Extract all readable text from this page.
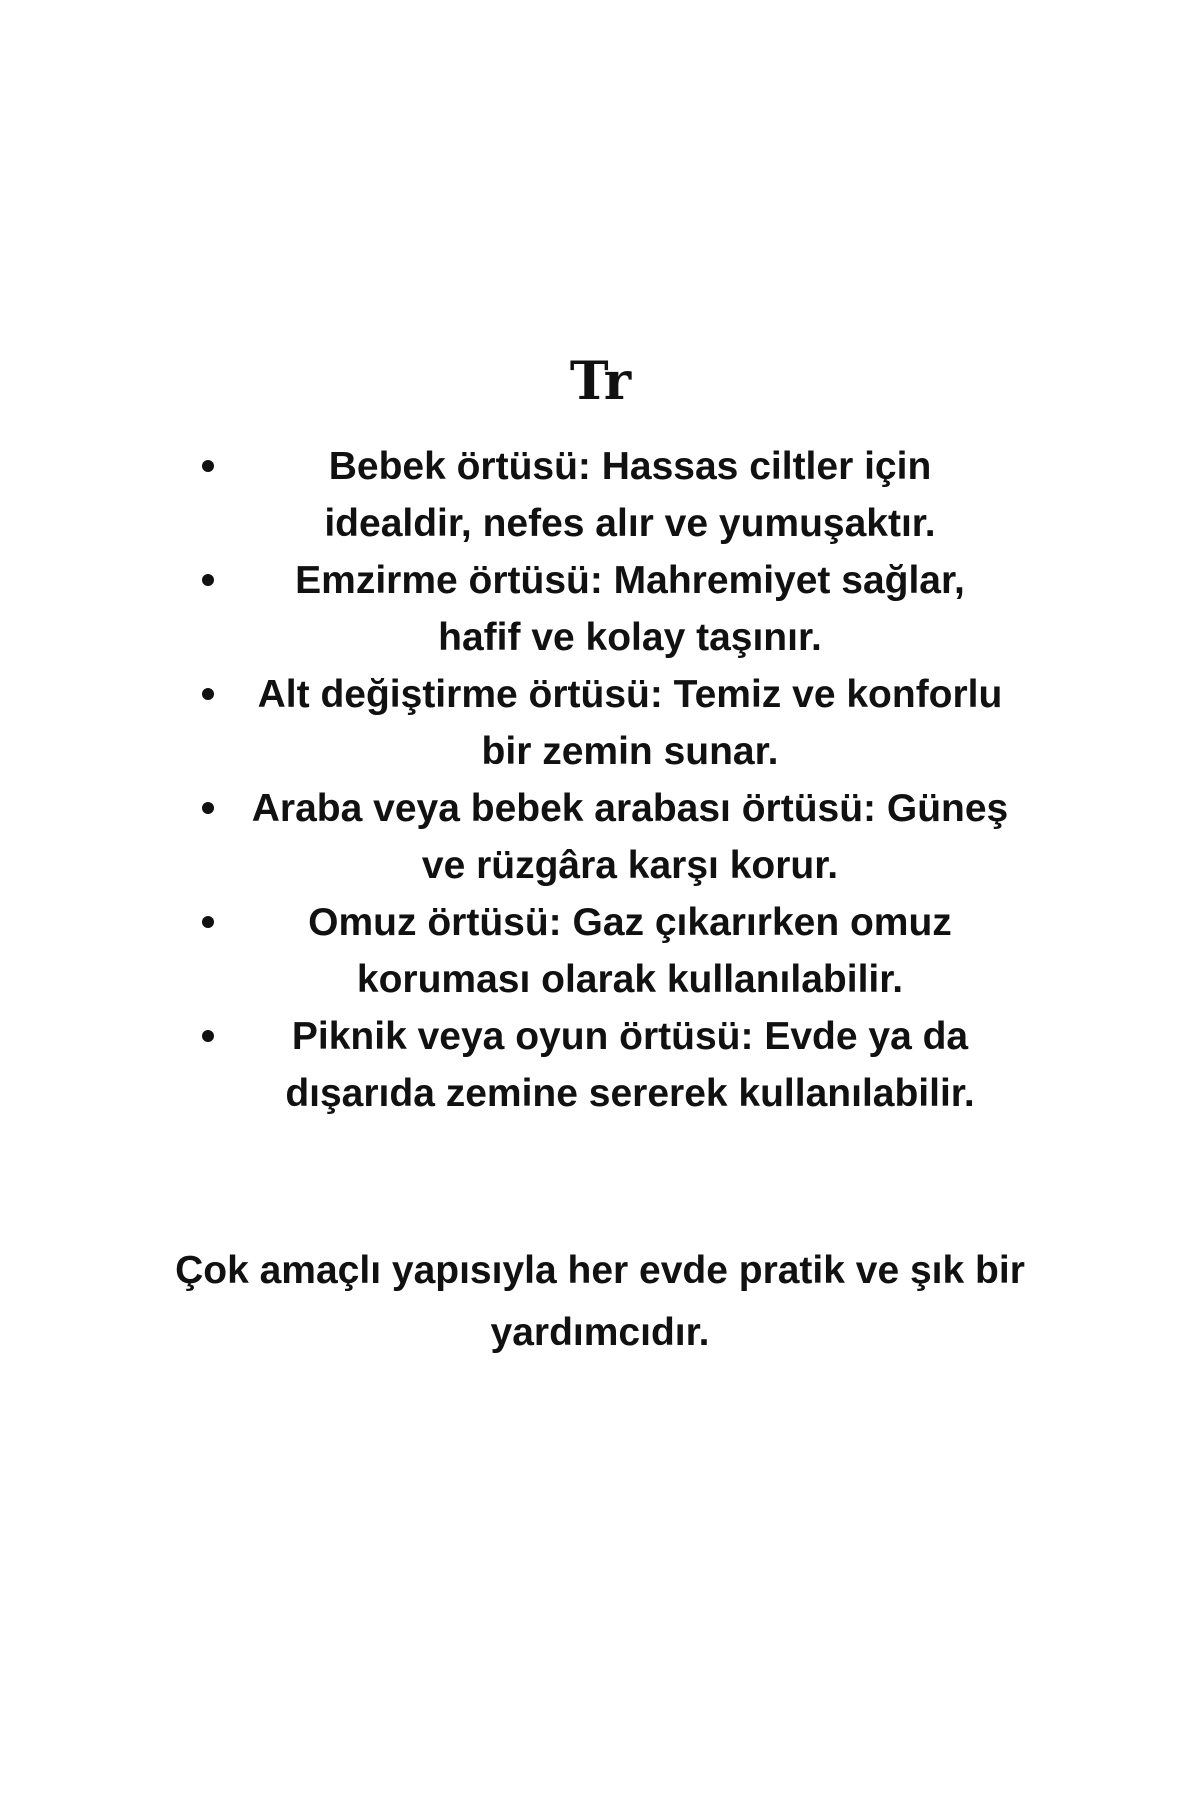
Tr
Bebek örtüsü: Hassas ciltler için idealdir, nefes alır ve yumuşaktır.
Emzirme örtüsü: Mahremiyet sağlar, hafif ve kolay taşınır.
Alt değiştirme örtüsü: Temiz ve konforlu bir zemin sunar.
Araba veya bebek arabası örtüsü: Güneş ve rüzgâra karşı korur.
Omuz örtüsü: Gaz çıkarırken omuz koruması olarak kullanılabilir.
Piknik veya oyun örtüsü: Evde ya da dışarıda zemine sererek kullanılabilir.
Çok amaçlı yapısıyla her evde pratik ve şık bir yardımcıdır.
